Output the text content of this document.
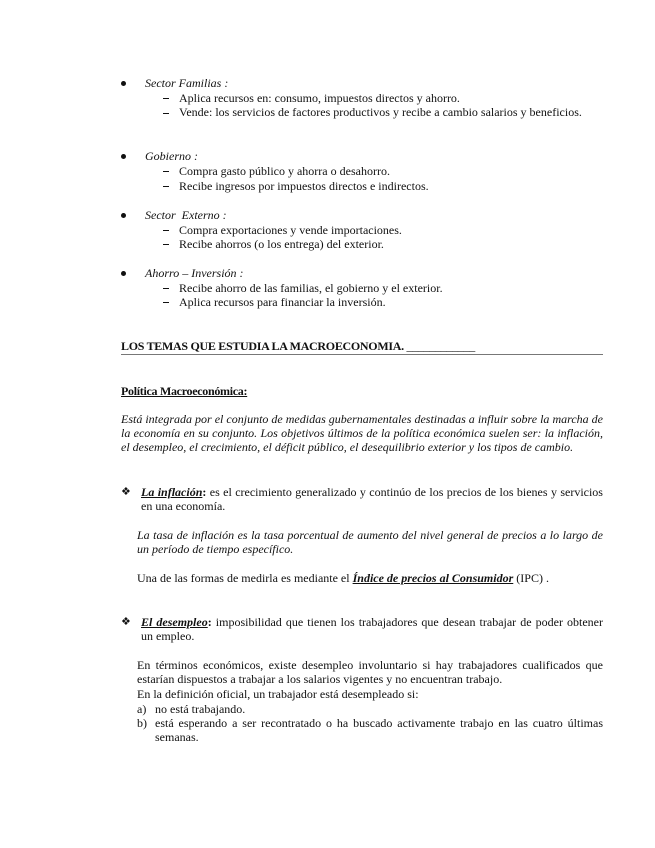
Sector Familias :
Aplica recursos en: consumo, impuestos directos y ahorro.
Vende: los servicios de factores productivos y recibe a cambio salarios y beneficios.
Gobierno :
Compra gasto público y ahorra o desahorro.
Recibe ingresos por impuestos directos e indirectos.
Sector  Externo :
Compra exportaciones y vende importaciones.
Recibe ahorros (o los entrega) del exterior.
Ahorro – Inversión :
Recibe ahorro de las familias, el gobierno y el exterior.
Aplica recursos para financiar la inversión.
LOS TEMAS QUE ESTUDIA LA MACROECONOMIA. ____________
Política Macroeconómica:
Está integrada por el conjunto de medidas gubernamentales destinadas a influir sobre la marcha de la economía en su conjunto. Los objetivos últimos de la política económica suelen ser: la inflación, el desempleo, el crecimiento, el déficit público, el desequilibrio exterior y los tipos de cambio.
❖ La inflación: es el crecimiento generalizado y continúo de los precios de los bienes y servicios en una economía.
La tasa de inflación es la tasa porcentual de aumento del nivel general de precios a lo largo de un período de tiempo específico.
Una de las formas de medirla es mediante el Índice de precios al Consumidor (IPC) .
❖ El desempleo: imposibilidad que tienen los trabajadores que desean trabajar de poder obtener un empleo.
En términos económicos, existe desempleo involuntario si hay trabajadores cualificados que estarían dispuestos a trabajar a los salarios vigentes y no encuentran trabajo.
En la definición oficial, un trabajador está desempleado si:
a) no está trabajando.
b) está esperando a ser recontratado o ha buscado activamente trabajo en las cuatro últimas semanas.
